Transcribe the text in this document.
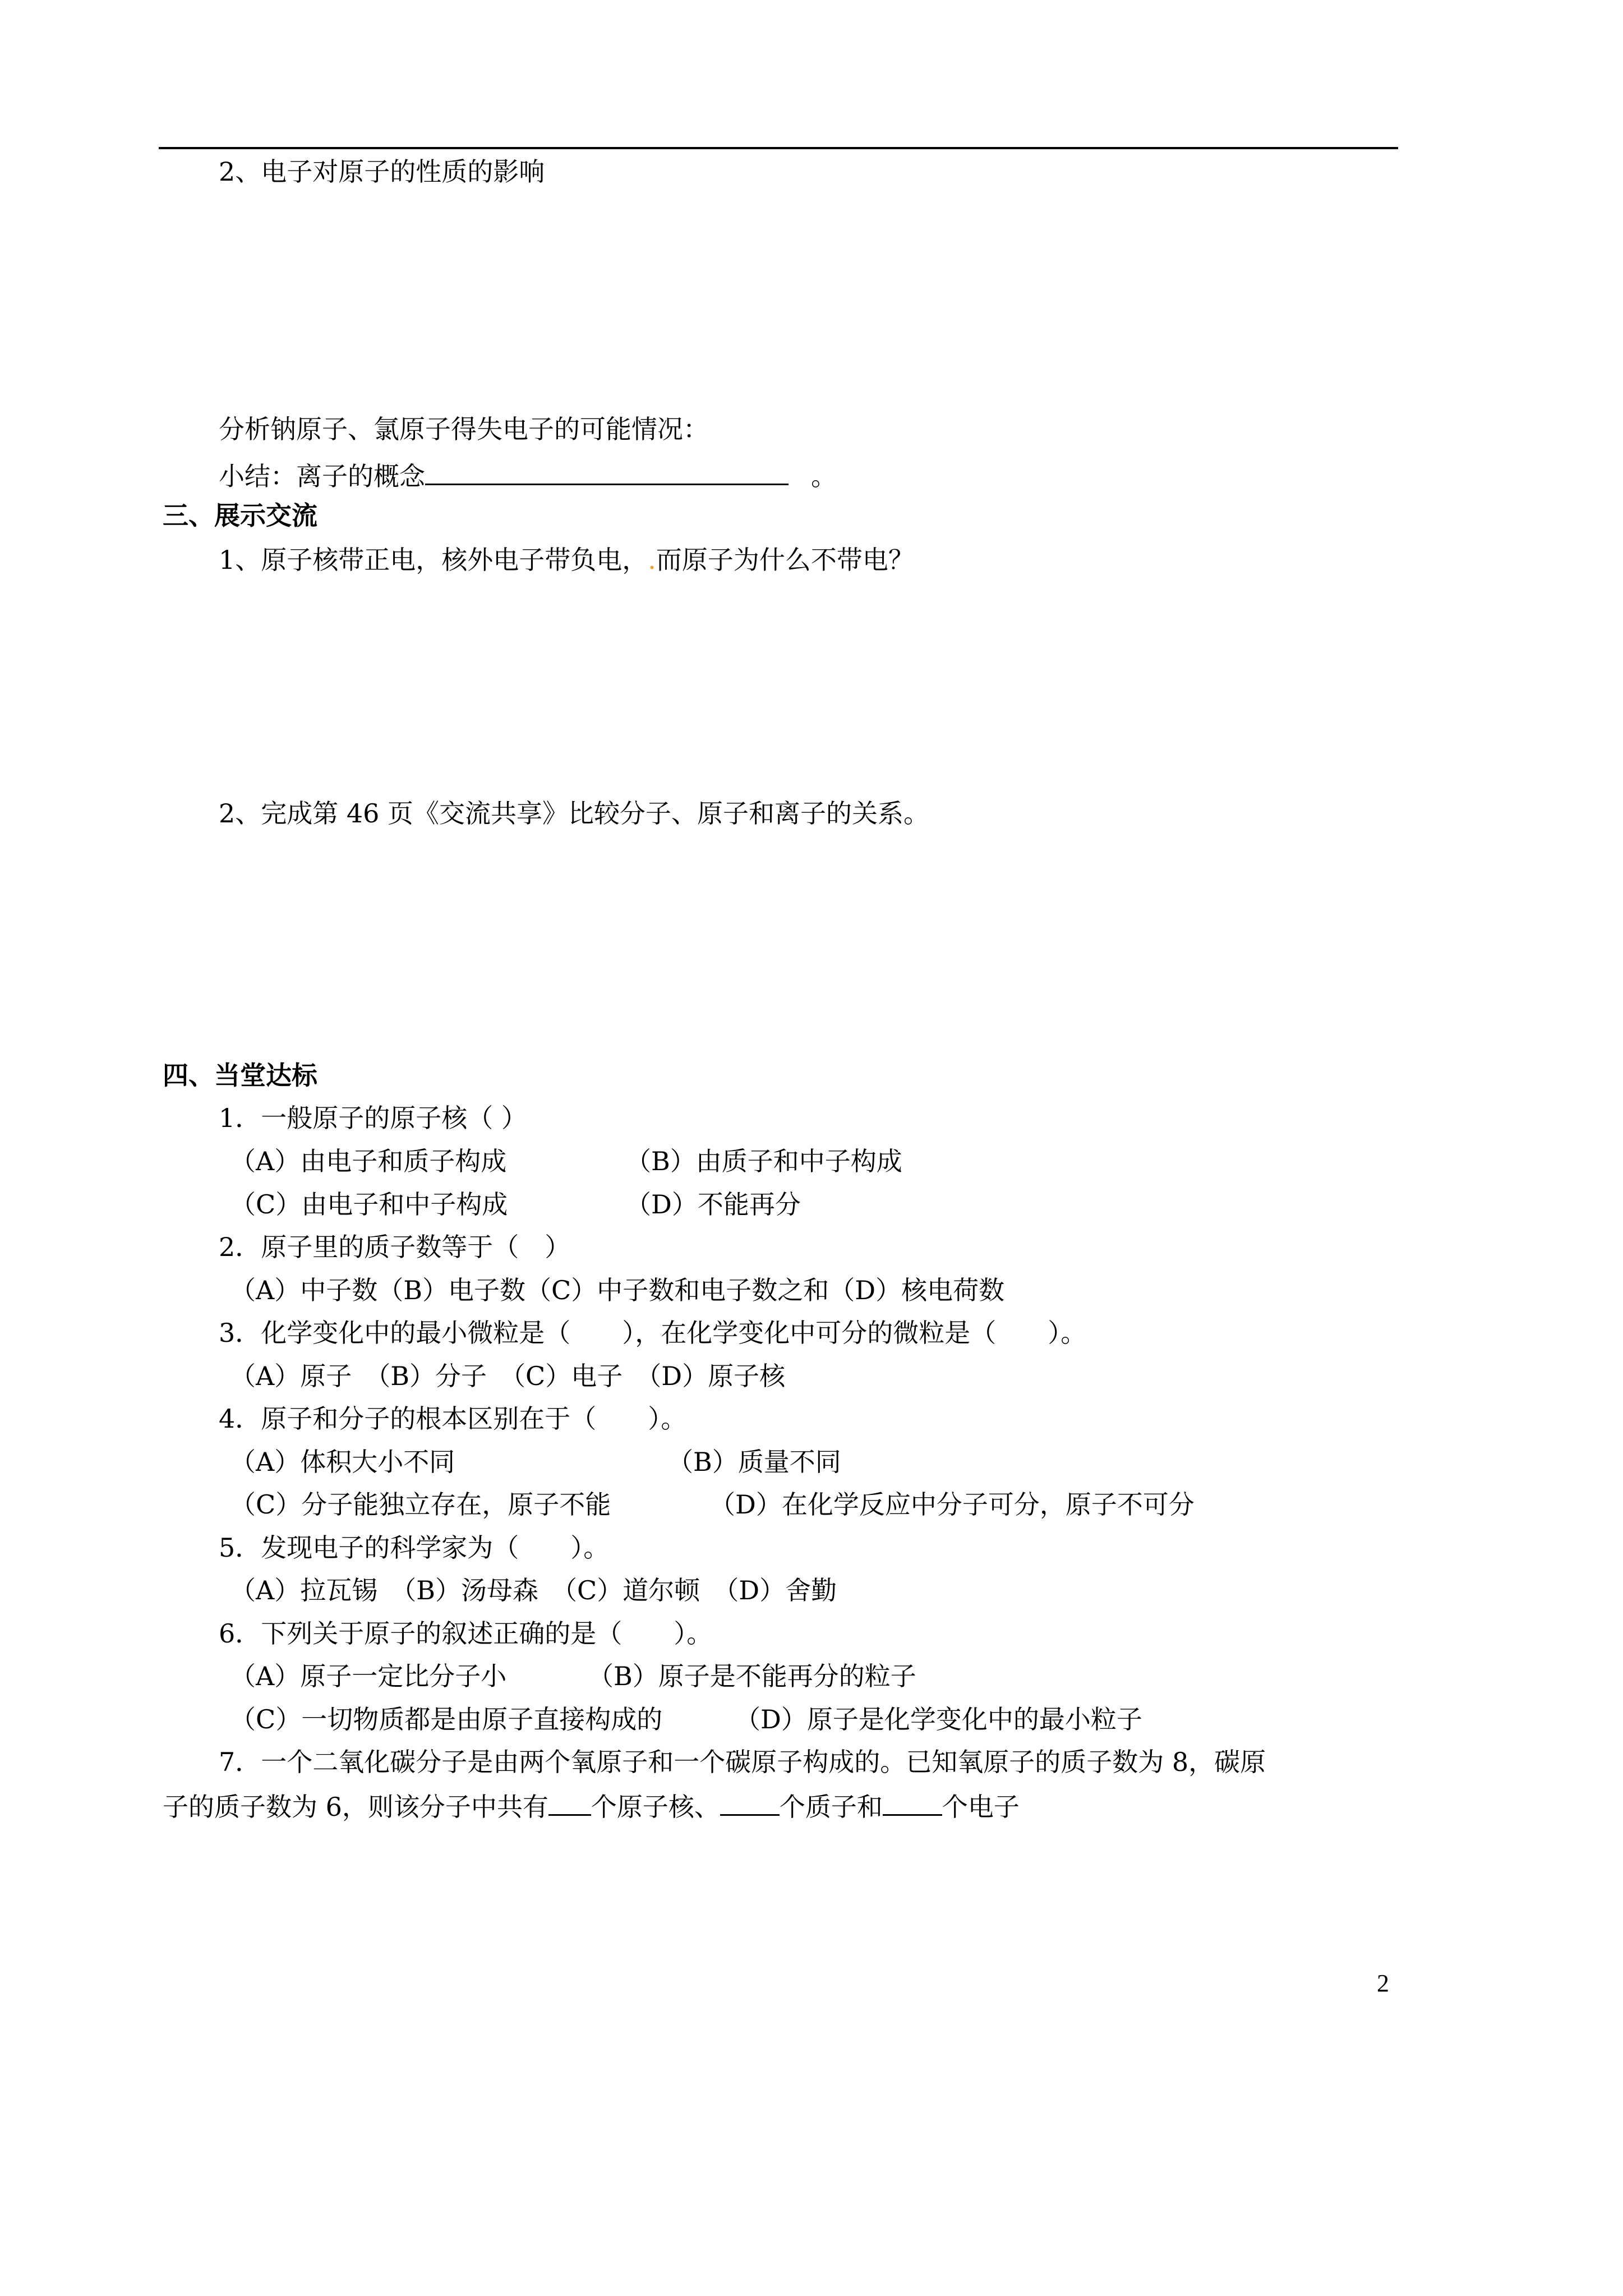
2、电子对原子的性质的影响
分析钠原子、氯原子得失电子的可能情况：
小结：离子的概念	。
三、展示交流
1、原子核带正电，核外电子带负电，.而原子为什么不带电？
2、完成第 46 页《交流共享》比较分子、原子和离子的关系。
四、当堂达标
1．一般原子的原子核（ ）
（A）由电子和质子构成	（B）由质子和中子构成
（C）由电子和中子构成	（D）不能再分
2．原子里的质子数等于（　）
（A）中子数（B）电子数（C）中子数和电子数之和（D）核电荷数
3．化学变化中的最小微粒是（　　），在化学变化中可分的微粒是（　　）。
（A）原子　（B）分子　（C）电子　（D）原子核
4．原子和分子的根本区别在于（　　）。
（A）体积大小不同	（B）质量不同
（C）分子能独立存在，原子不能	（D）在化学反应中分子可分，原子不可分
5．发现电子的科学家为（　　）。
（A）拉瓦锡　（B）汤母森　（C）道尔顿　（D）舍勤
6．下列关于原子的叙述正确的是（　　）。
（A）原子一定比分子小	（B）原子是不能再分的粒子
（C）一切物质都是由原子直接构成的	（D）原子是化学变化中的最小粒子
7．一个二氧化碳分子是由两个氧原子和一个碳原子构成的。已知氧原子的质子数为 8，碳原
子的质子数为 6，则该分子中共有 个原子核、 个质子和 个电子
2
